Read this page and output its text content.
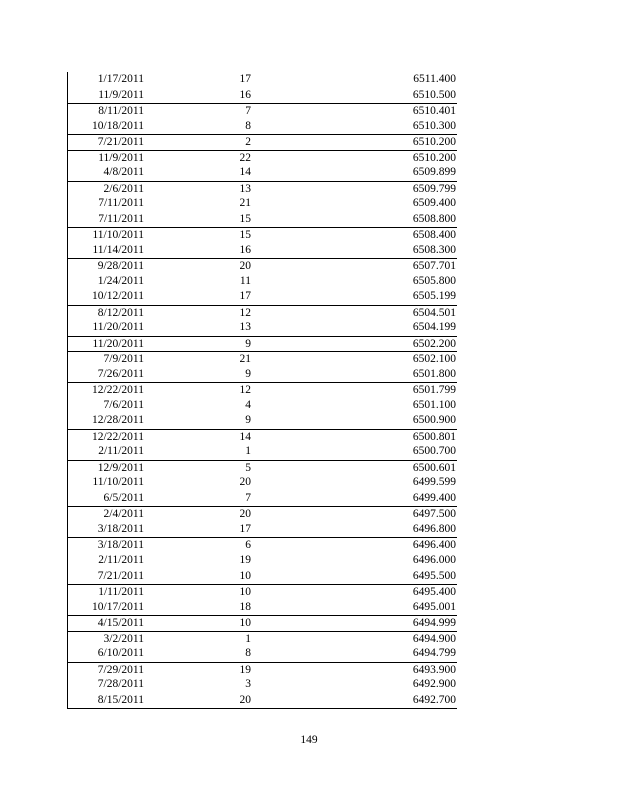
1/17/2011	17	6511.400
11/9/2011	16	6510.500
8/11/2011	7	6510.401
10/18/2011	8	6510.300
7/21/2011	2	6510.200
11/9/2011	22	6510.200
4/8/2011	14	6509.899
2/6/2011	13	6509.799
7/11/2011	21	6509.400
7/11/2011	15	6508.800
11/10/2011	15	6508.400
11/14/2011	16	6508.300
9/28/2011	20	6507.701
1/24/2011	11	6505.800
10/12/2011	17	6505.199
8/12/2011	12	6504.501
11/20/2011	13	6504.199
11/20/2011	9	6502.200
7/9/2011	21	6502.100
7/26/2011	9	6501.800
12/22/2011	12	6501.799
7/6/2011	4	6501.100
12/28/2011	9	6500.900
12/22/2011	14	6500.801
2/11/2011	1	6500.700
12/9/2011	5	6500.601
11/10/2011	20	6499.599
6/5/2011	7	6499.400
2/4/2011	20	6497.500
3/18/2011	17	6496.800
3/18/2011	6	6496.400
2/11/2011	19	6496.000
7/21/2011	10	6495.500
1/11/2011	10	6495.400
10/17/2011	18	6495.001
4/15/2011	10	6494.999
3/2/2011	1	6494.900
6/10/2011	8	6494.799
7/29/2011	19	6493.900
7/28/2011	3	6492.900
8/15/2011	20	6492.700
149
